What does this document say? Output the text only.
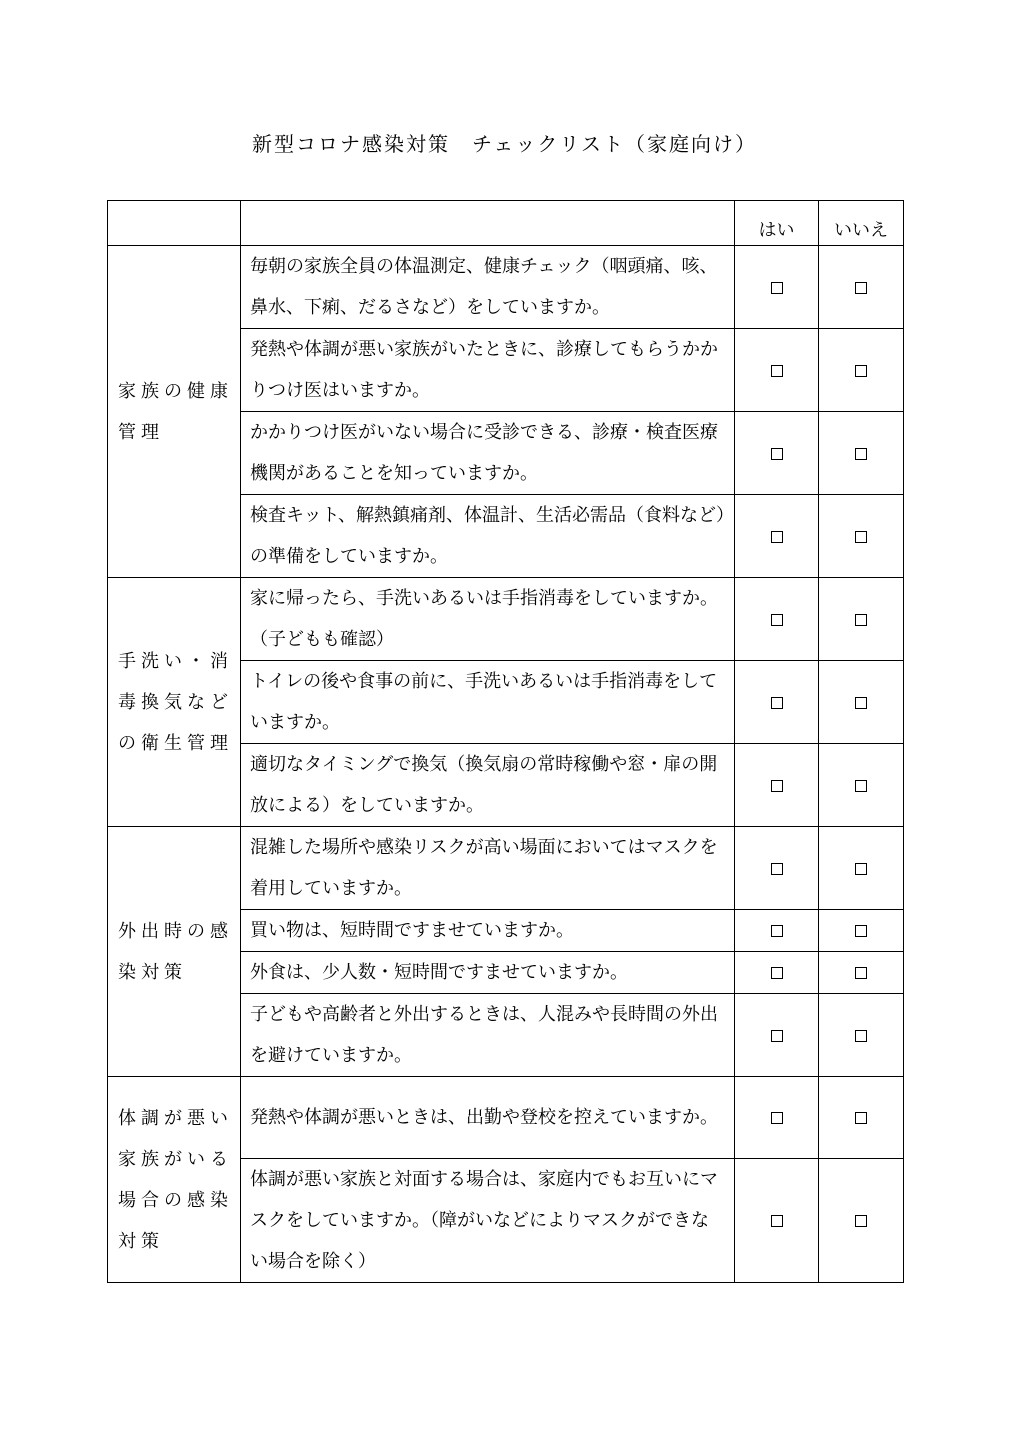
新型コロナ感染対策　チェックリスト（家庭向け）
		はい	いいえ
家族の健康管理	毎朝の家族全員の体温測定、健康チェック（咽頭痛、咳、鼻水、下痢、だるさなど）をしていますか。		
	発熱や体調が悪い家族がいたときに、診療してもらうかかりつけ医はいますか。		
	かかりつけ医がいない場合に受診できる、診療・検査医療機関があることを知っていますか。		
	検査キット、解熱鎮痛剤、体温計、生活必需品（食料など）の準備をしていますか。		
手洗い・消毒換気などの衛生管理	家に帰ったら、手洗いあるいは手指消毒をしていますか。（子どもも確認）		
	トイレの後や食事の前に、手洗いあるいは手指消毒をしていますか。		
	適切なタイミングで換気（換気扇の常時稼働や窓・扉の開放による）をしていますか。		
外出時の感染対策	混雑した場所や感染リスクが高い場面においてはマスクを着用していますか。		
	買い物は、短時間ですませていますか。		
	外食は、少人数・短時間ですませていますか。		
	子どもや高齢者と外出するときは、人混みや長時間の外出を避けていますか。		
体調が悪い家族がいる場合の感染対策	発熱や体調が悪いときは、出勤や登校を控えていますか。		
	体調が悪い家族と対面する場合は、家庭内でもお互いにマスクをしていますか。（障がいなどによりマスクができない場合を除く）		
